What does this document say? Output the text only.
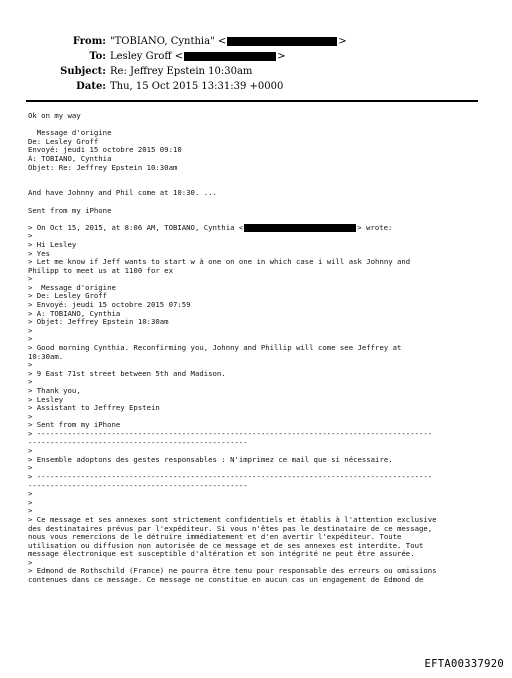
From: "TOBIANO, Cynthia" <	>
To: Lesley Groff <	>
Subject: Re: Jeffrey Epstein 10:30am
Date: Thu, 15 Oct 2015 13:31:39 +0000
Ok on my way
Message d'origine
De: Lesley Groff
Envoyé: jeudi 15 octobre 2015 09:10
À: TOBIANO, Cynthia
Objet: Re: Jeffrey Epstein 10:30am
And have Johnny and Phil come at 10:30. ...
Sent from my iPhone
> On Oct 15, 2015, at 8:06 AM, TOBIANO, Cynthia <	> wrote:
>
> Hi Lesley
> Yes
> Let me know if Jeff wants to start w à one on one in which case i will ask Johnny and
Philipp to meet us at 1100 for ex
>
>  Message d'origine
> De: Lesley Groff
> Envoyé: jeudi 15 octobre 2015 07:59
> À: TOBIANO, Cynthia
> Objet: Jeffrey Epstein 10:30am
>
>
> Good morning Cynthia. Reconfirming you, Johnny and Phillip will come see Jeffrey at
10:30am.
>
> 9 East 71st street between 5th and Madison.
>
> Thank you,
> Lesley
> Assistant to Jeffrey Epstein
>
> Sent from my iPhone
> ------------------------------------------------------------------------------------------
--------------------------------------------------
>
> Ensemble adoptons des gestes responsables : N'imprimez ce mail que si nécessaire.
>
> ------------------------------------------------------------------------------------------
--------------------------------------------------
>
>
>
> Ce message et ses annexes sont strictement confidentiels et établis à l'attention exclusive
des destinataires prévus par l'expéditeur. Si vous n'êtes pas le destinataire de ce message,
nous vous remercions de le détruire immédiatement et d'en avertir l'expéditeur. Toute
utilisation ou diffusion non autorisée de ce message et de ses annexes est interdite. Tout
message électronique est susceptible d'altération et son intégrité ne peut être assurée.
>
> Edmond de Rothschild (France) ne pourra être tenu pour responsable des erreurs ou omissions
contenues dans ce message. Ce message ne constitue en aucun cas un engagement de Edmond de
EFTA00337920
